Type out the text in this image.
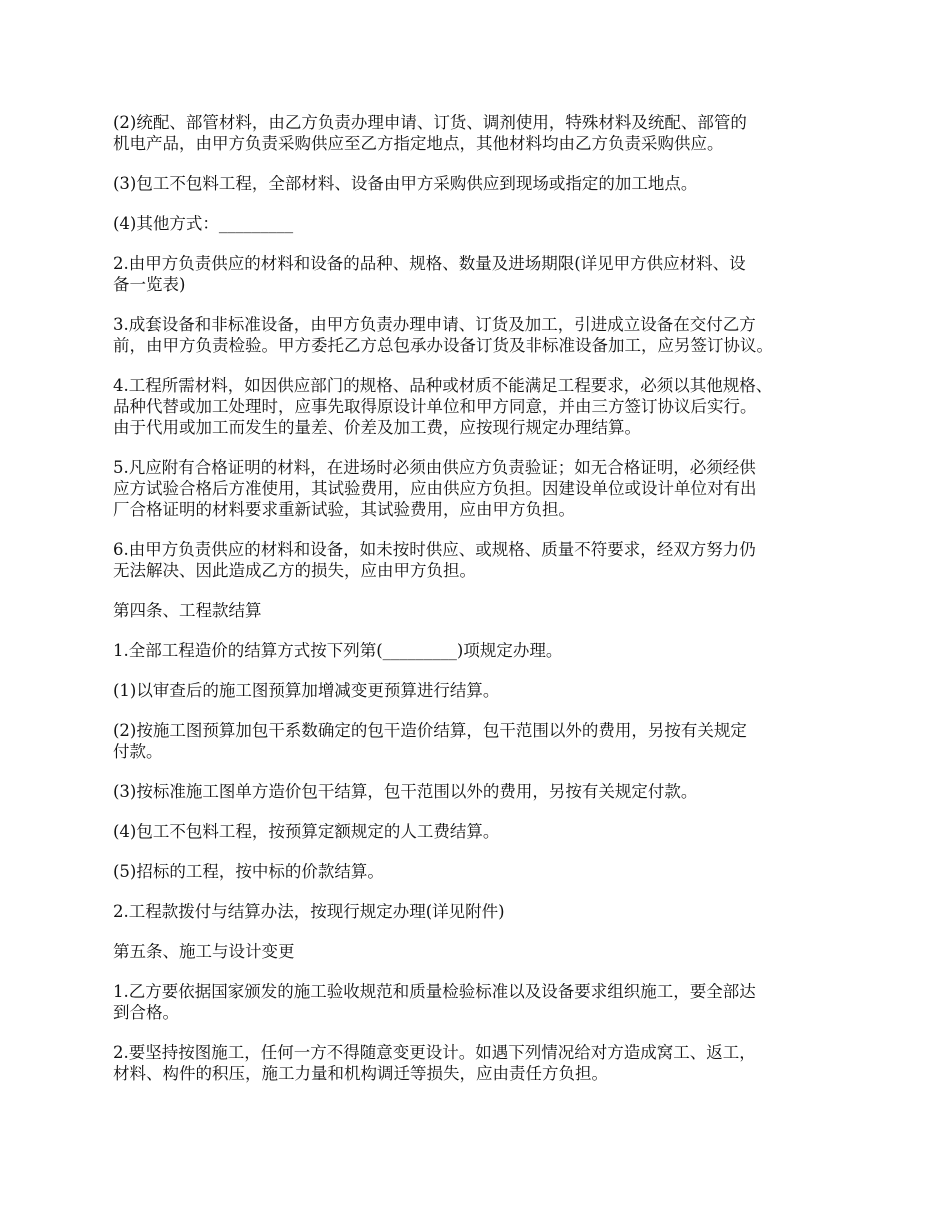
(2)统配、部管材料，由乙方负责办理申请、订货、调剂使用，特殊材料及统配、部管的
机电产品，由甲方负责采购供应至乙方指定地点，其他材料均由乙方负责采购供应。

(3)包工不包料工程，全部材料、设备由甲方采购供应到现场或指定的加工地点。

(4)其他方式：_________

2.由甲方负责供应的材料和设备的品种、规格、数量及进场期限(详见甲方供应材料、设
备一览表)

3.成套设备和非标准设备，由甲方负责办理申请、订货及加工，引进成立设备在交付乙方
前，由甲方负责检验。甲方委托乙方总包承办设备订货及非标准设备加工，应另签订协议。

4.工程所需材料，如因供应部门的规格、品种或材质不能满足工程要求，必须以其他规格、
品种代替或加工处理时，应事先取得原设计单位和甲方同意，并由三方签订协议后实行。
由于代用或加工而发生的量差、价差及加工费，应按现行规定办理结算。

5.凡应附有合格证明的材料，在进场时必须由供应方负责验证；如无合格证明，必须经供
应方试验合格后方准使用，其试验费用，应由供应方负担。因建设单位或设计单位对有出
厂合格证明的材料要求重新试验，其试验费用，应由甲方负担。

6.由甲方负责供应的材料和设备，如未按时供应、或规格、质量不符要求，经双方努力仍
无法解决、因此造成乙方的损失，应由甲方负担。

第四条、工程款结算

1.全部工程造价的结算方式按下列第(_________)项规定办理。

(1)以审查后的施工图预算加增减变更预算进行结算。

(2)按施工图预算加包干系数确定的包干造价结算，包干范围以外的费用，另按有关规定
付款。

(3)按标准施工图单方造价包干结算，包干范围以外的费用，另按有关规定付款。

(4)包工不包料工程，按预算定额规定的人工费结算。

(5)招标的工程，按中标的价款结算。

2.工程款拨付与结算办法，按现行规定办理(详见附件)

第五条、施工与设计变更

1.乙方要依据国家颁发的施工验收规范和质量检验标准以及设备要求组织施工，要全部达
到合格。

2.要坚持按图施工，任何一方不得随意变更设计。如遇下列情况给对方造成窝工、返工，
材料、构件的积压，施工力量和机构调迁等损失，应由责任方负担。
